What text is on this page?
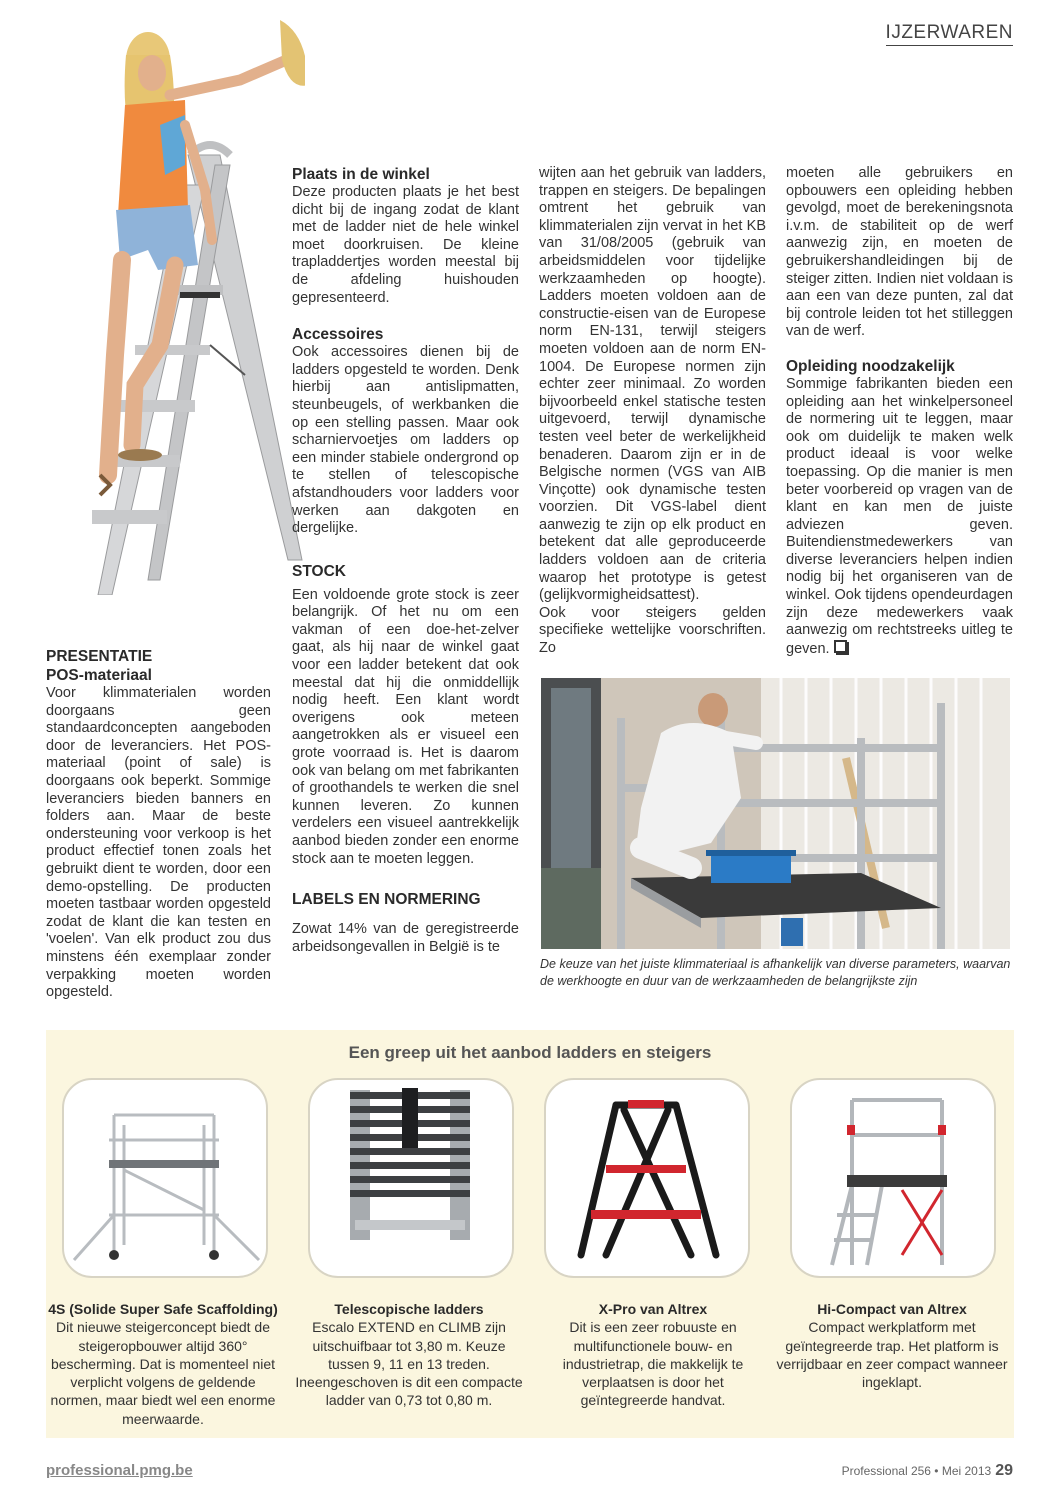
IJZERWAREN
PRESENTATIE
POS-materiaal

Voor klimmaterialen worden doorgaans geen standaardconcepten aangeboden door de leveranciers. Het POS-materiaal (point of sale) is doorgaans ook beperkt. Sommige leveranciers bieden banners en folders aan. Maar de beste ondersteuning voor verkoop is het product effectief tonen zoals het gebruikt dient te worden, door een demo-opstelling. De producten moeten tastbaar worden opgesteld zodat de klant die kan testen en 'voelen'. Van elk product zou dus minstens één exemplaar zonder verpakking moeten worden opgesteld.

Plaats in de winkel

Deze producten plaats je het best dicht bij de ingang zodat de klant met de ladder niet de hele winkel moet doorkruisen. De kleine trapladdertjes worden meestal bij de afdeling huishouden gepresenteerd.

Accessoires

Ook accessoires dienen bij de ladders opgesteld te worden. Denk hierbij aan antislipmatten, steunbeugels, of werkbanken die op een stelling passen. Maar ook scharniervoetjes om ladders op een minder stabiele ondergrond op te stellen of telescopische afstandhouders voor ladders voor werken aan dakgoten en dergelijke.

STOCK

Een voldoende grote stock is zeer belangrijk. Of het nu om een vakman of een doe-het-zelver gaat, als hij naar de winkel gaat voor een ladder betekent dat ook meestal dat hij die onmiddellijk nodig heeft. Een klant wordt overigens ook meteen aangetrokken als er visueel een grote voorraad is. Het is daarom ook van belang om met fabrikanten of groothandels te werken die snel kunnen leveren. Zo kunnen verdelers een visueel aantrekkelijk aanbod bieden zonder een enorme stock aan te moeten leggen.

LABELS EN NORMERING

Zowat 14% van de geregistreerde arbeidsongevallen in België is te

wijten aan het gebruik van ladders, trappen en steigers. De bepalingen omtrent het gebruik van klimmaterialen zijn vervat in het KB van 31/08/2005 (gebruik van arbeidsmiddelen voor tijdelijke werkzaamheden op hoogte). Ladders moeten voldoen aan de constructie-eisen van de Europese norm EN-131, terwijl steigers moeten voldoen aan de norm EN-1004. De Europese normen zijn echter zeer minimaal. Zo worden bijvoorbeeld enkel statische testen uitgevoerd, terwijl dynamische testen veel beter de werkelijkheid benaderen. Daarom zijn er in de Belgische normen (VGS van AIB Vinçotte) ook dynamische testen voorzien. Dit VGS-label dient aanwezig te zijn op elk product en betekent dat alle geproduceerde ladders voldoen aan de criteria waarop het prototype is getest (gelijkvormigheidsattest).

Ook voor steigers gelden specifieke wettelijke voorschriften. Zo

moeten alle gebruikers en opbouwers een opleiding hebben gevolgd, moet de berekeningsnota i.v.m. de stabiliteit op de werf aanwezig zijn, en moeten de gebruikershandleidingen bij de steiger zitten. Indien niet voldaan is aan een van deze punten, zal dat bij controle leiden tot het stilleggen van de werf.

Opleiding noodzakelijk

Sommige fabrikanten bieden een opleiding aan het winkelpersoneel de normering uit te leggen, maar ook om duidelijk te maken welk product ideaal is voor welke toepassing. Op die manier is men beter voorbereid op vragen van de klant en kan men de juiste adviezen geven. Buitendienstmedewerkers van diverse leveranciers helpen indien nodig bij het organiseren van de winkel. Ook tijdens opendeurdagen zijn deze medewerkers vaak aanwezig om rechtstreeks uitleg te geven.

De keuze van het juiste klimmateriaal is afhankelijk van diverse parameters, waarvan de werkhoogte en duur van de werkzaamheden de belangrijkste zijn
Een greep uit het aanbod ladders en steigers
4S (Solide Super Safe Scaffolding)
Dit nieuwe steigerconcept biedt de steigeropbouwer altijd 360° beschermìng. Dat is momenteel niet verplicht volgens de geldende normen, maar biedt wel een enorme meerwaarde.
Telescopische ladders
Escalo EXTEND en CLIMB zijn uitschuifbaar tot 3,80 m. Keuze tussen 9, 11 en 13 treden. Ineengeschoven is dit een compacte ladder van 0,73 tot 0,80 m.
X-Pro van Altrex
Dit is een zeer robuuste en multifunctionele bouw- en industrietrap, die makkelijk te verplaatsen is door het geïntegreerde handvat.
Hi-Compact van Altrex
Compact werkplatform met geïntegreerde trap. Het platform is verrijdbaar en zeer compact wanneer ingeklapt.
professional.pmg.be	Professional 256 • Mei 2013 29
